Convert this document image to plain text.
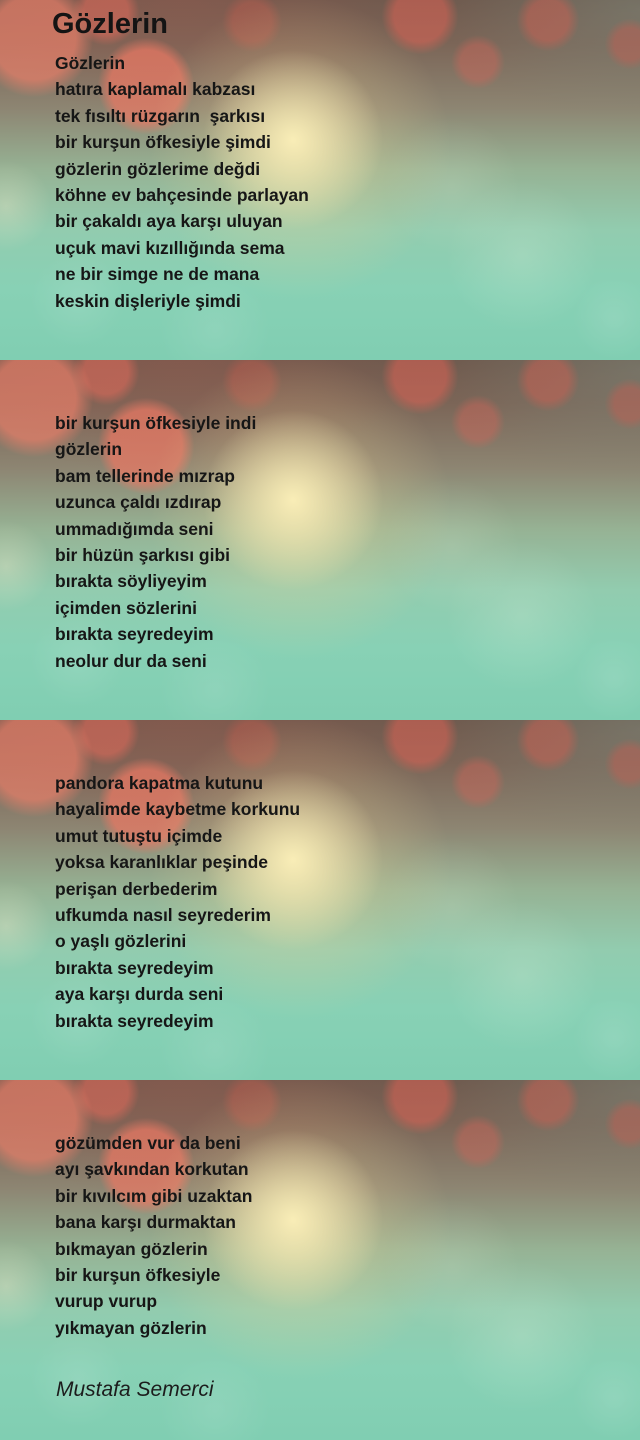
Gözlerin
Gözlerin
hatıra kaplamalı kabzası
tek fısıltı rüzgarın  şarkısı
bir kurşun öfkesiyle şimdi
gözlerin gözlerime değdi
köhne ev bahçesinde parlayan
bir çakaldı aya karşı uluyan
uçuk mavi kızıllığında sema
ne bir simge ne de mana
keskin dişleriyle şimdi
bir kurşun öfkesiyle indi
gözlerin
bam tellerinde mızrap
uzunca çaldı ızdırap
ummadığımda seni
bir hüzün şarkısı gibi
bırakta söyliyeyim
içimden sözlerini
bırakta seyredeyim
neolur dur da seni
pandora kapatma kutunu
hayalimde kaybetme korkunu
umut tutuştu içimde
yoksa karanlıklar peşinde
perişan derbederim
ufkumda nasıl seyrederim
o yaşlı gözlerini
bırakta seyredeyim
aya karşı durda seni
bırakta seyredeyim
gözümden vur da beni
ayı şavkından korkutan
bir kıvılcım gibi uzaktan
bana karşı durmaktan
bıkmayan gözlerin
bir kurşun öfkesiyle
vurup vurup
yıkmayan gözlerin
Mustafa Semerci
